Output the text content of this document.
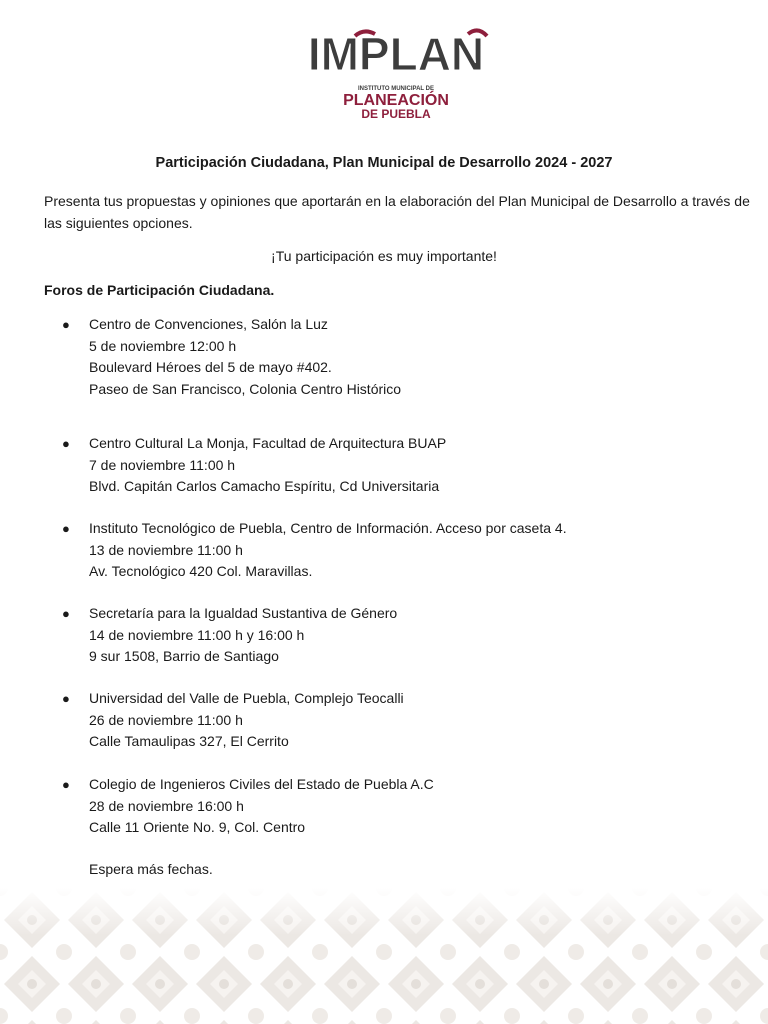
IMPLAN
INSTITUTO MUNICIPAL DE
PLANEACIÓN
DE PUEBLA
Participación Ciudadana, Plan Municipal de Desarrollo 2024 - 2027
Presenta tus propuestas y opiniones que aportarán en la elaboración del Plan Municipal de Desarrollo a través de las siguientes opciones.
¡Tu participación es muy importante!
Foros de Participación Ciudadana.
● Centro de Convenciones, Salón la Luz
5 de noviembre 12:00 h
Boulevard Héroes del 5 de mayo #402.
Paseo de San Francisco, Colonia Centro Histórico
● Centro Cultural La Monja, Facultad de Arquitectura BUAP
7 de noviembre 11:00 h
Blvd. Capitán Carlos Camacho Espíritu, Cd Universitaria
● Instituto Tecnológico de Puebla, Centro de Información. Acceso por caseta 4.
13 de noviembre 11:00 h
Av. Tecnológico 420 Col. Maravillas.
● Secretaría para la Igualdad Sustantiva de Género
14 de noviembre 11:00 h y 16:00 h
9 sur 1508, Barrio de Santiago
● Universidad del Valle de Puebla, Complejo Teocalli
26 de noviembre 11:00 h
Calle Tamaulipas 327, El Cerrito
● Colegio de Ingenieros Civiles del Estado de Puebla A.C
28 de noviembre 16:00 h
Calle 11 Oriente No. 9, Col. Centro
Espera más fechas.
